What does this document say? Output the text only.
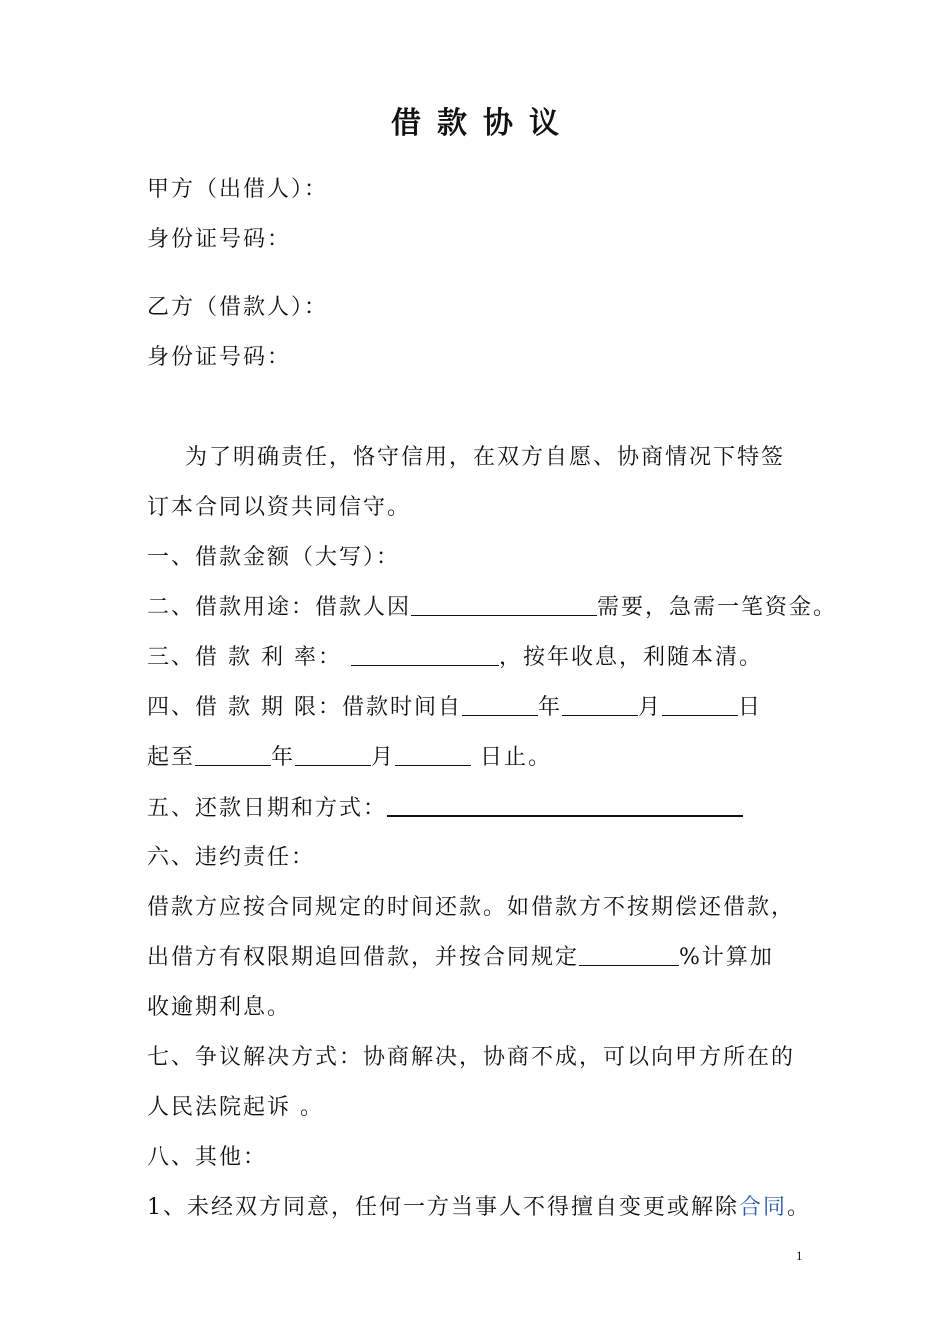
借款协议
甲方（出借人）：
身份证号码：
乙方（借款人）：
身份证号码：
为了明确责任，恪守信用，在双方自愿、协商情况下特签
订本合同以资共同信守。
一、借款金额（大写）：
二、借款用途：借款人因	需要，急需一笔资金。
三、借 款 利 率：	，按年收息，利随本清。
四、借 款 期 限：借款时间自	年	月	日
起至	年	月	日止。
五、还款日期和方式：
六、违约责任：
借款方应按合同规定的时间还款。如借款方不按期偿还借款，
出借方有权限期追回借款，并按合同规定	%计算加
收逾期利息。
七、争议解决方式：协商解决，协商不成，可以向甲方所在的
人民法院起诉 。
八、其他：
1、未经双方同意，任何一方当事人不得擅自变更或解除合同。
1
